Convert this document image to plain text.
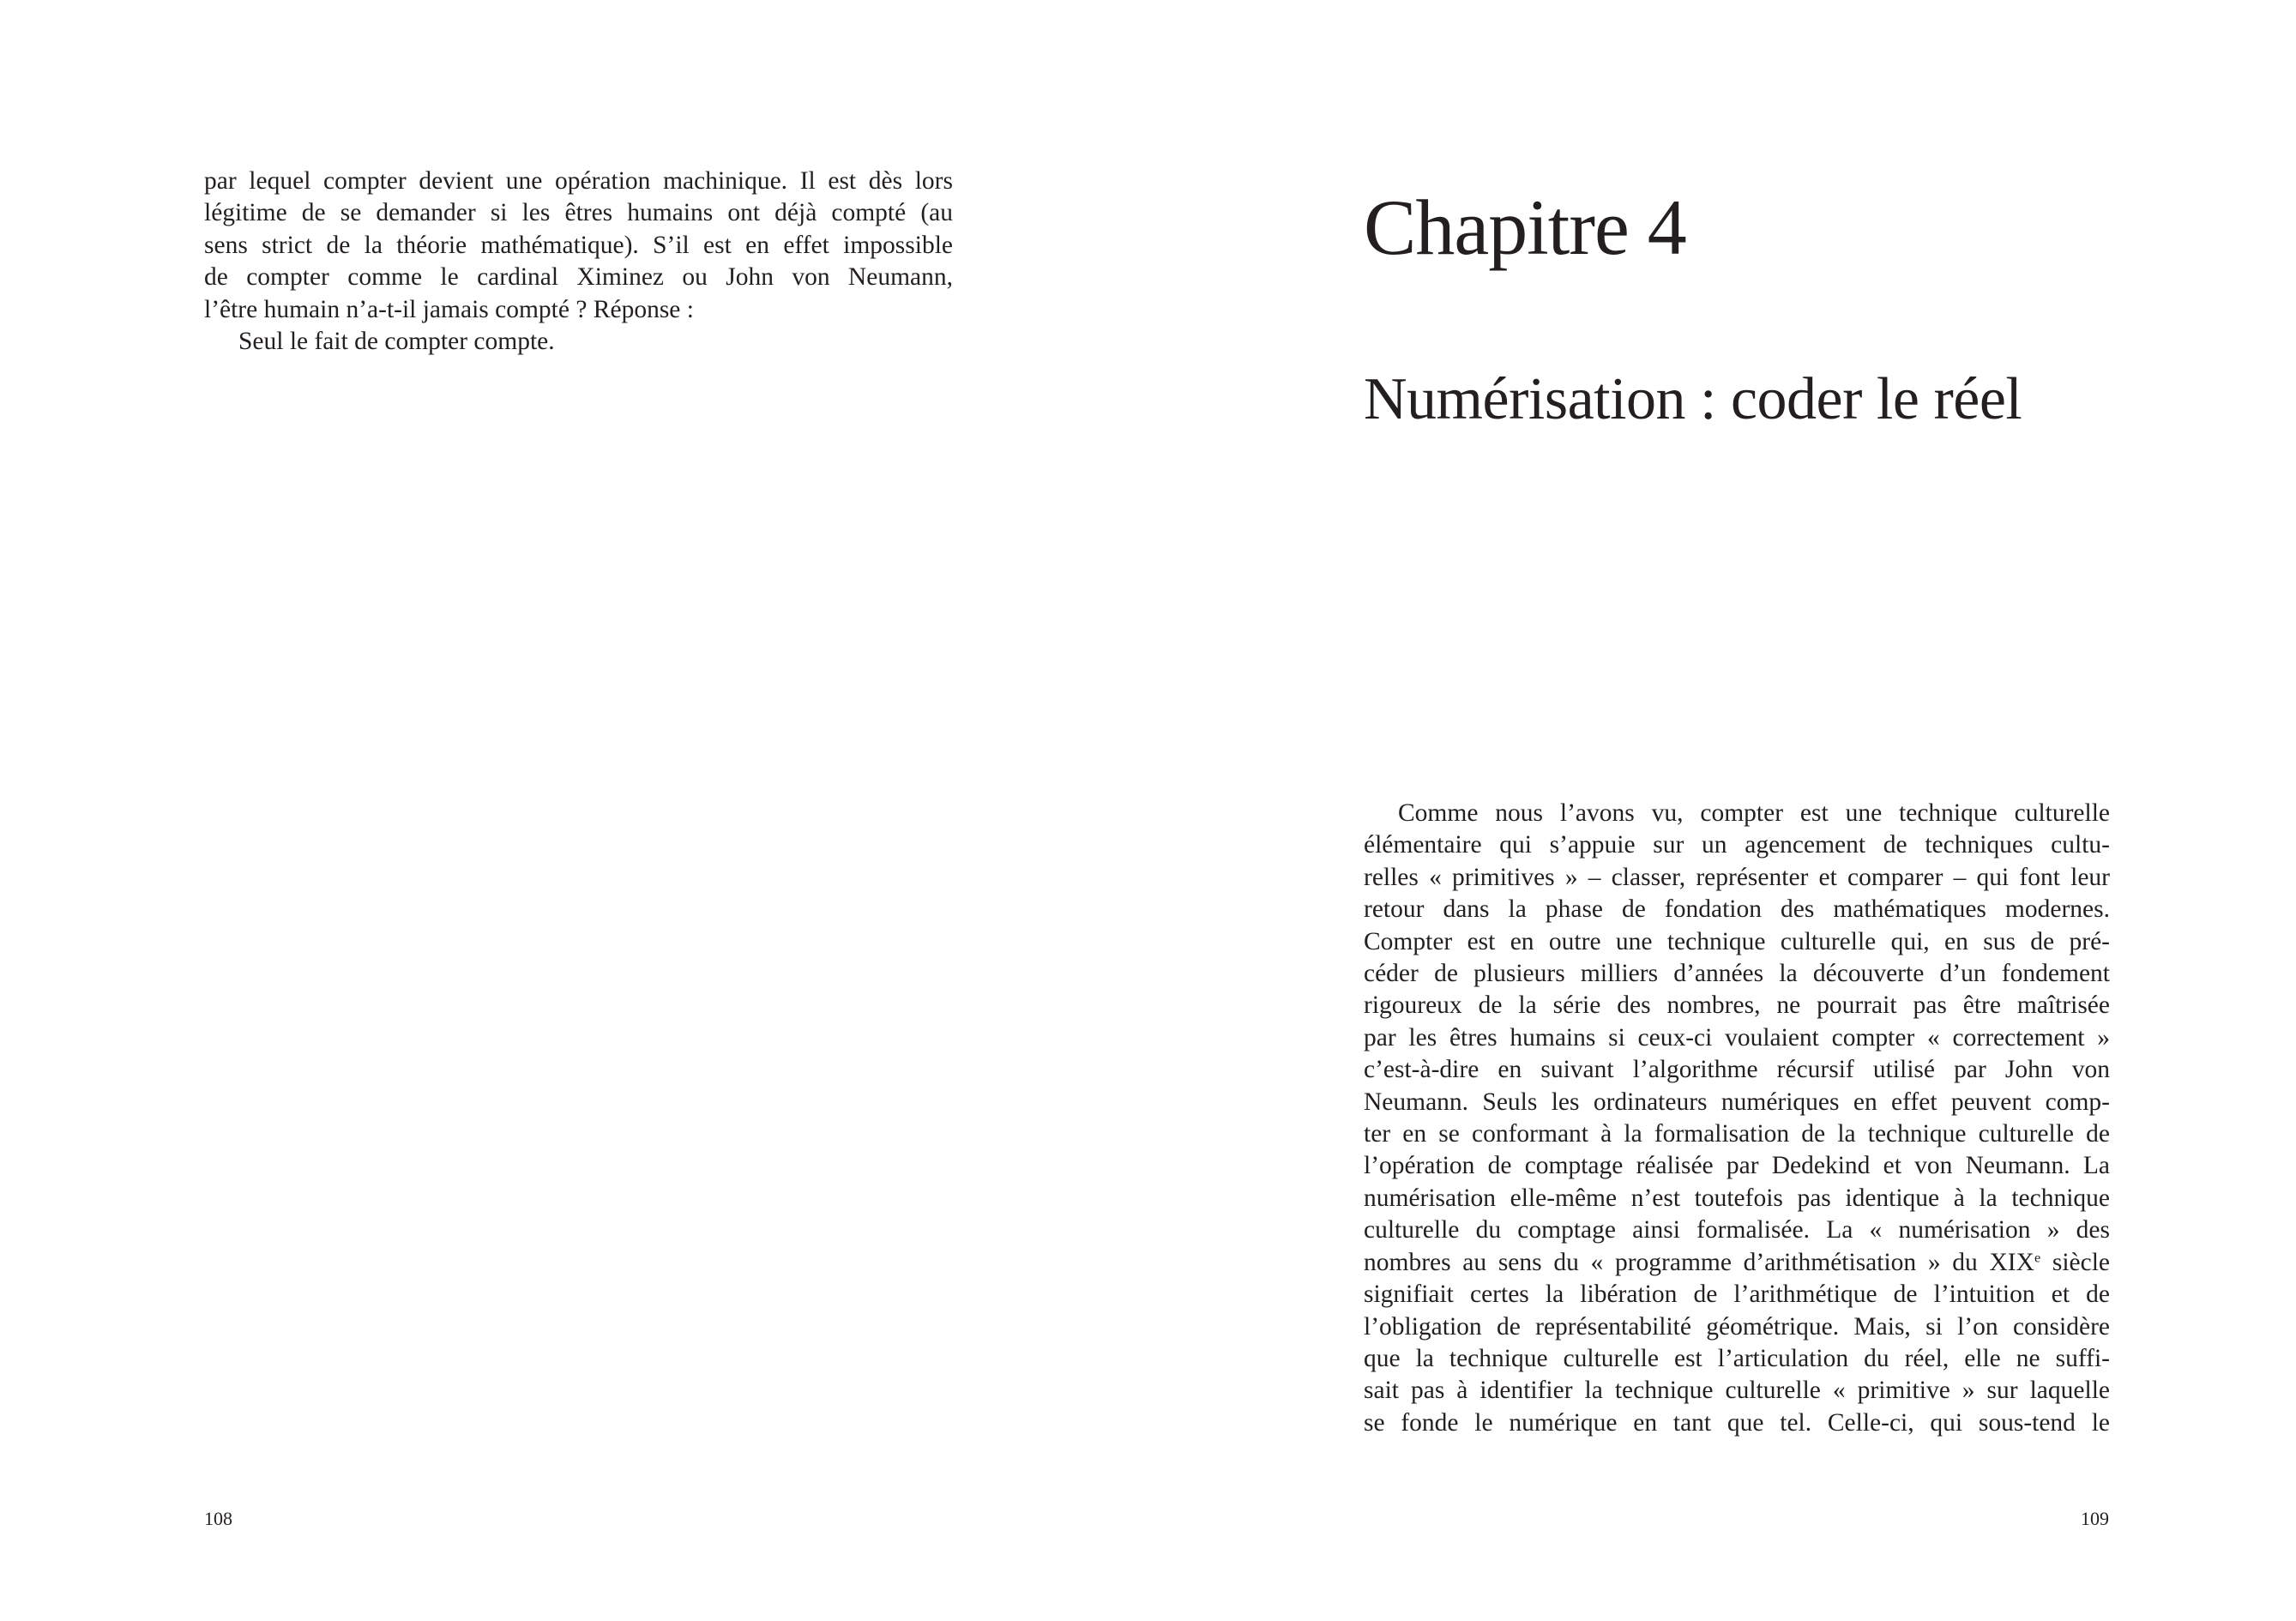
par lequel compter devient une opération machinique. Il est dès lors
légitime de se demander si les êtres humains ont déjà compté (au
sens strict de la théorie mathématique). S’il est en effet impossible
de compter comme le cardinal Ximinez ou John von Neumann,
l’être humain n’a-t-il jamais compté ? Réponse :
Seul le fait de compter compte.
108
Chapitre 4
Numérisation : coder le réel
Comme nous l’avons vu, compter est une technique culturelle
élémentaire qui s’appuie sur un agencement de techniques cultu-
relles « primitives » – classer, représenter et comparer – qui font leur
retour dans la phase de fondation des mathématiques modernes.
Compter est en outre une technique culturelle qui, en sus de pré-
céder de plusieurs milliers d’années la découverte d’un fondement
rigoureux de la série des nombres, ne pourrait pas être maîtrisée
par les êtres humains si ceux-ci voulaient compter « correctement »
c’est-à-dire en suivant l’algorithme récursif utilisé par John von
Neumann. Seuls les ordinateurs numériques en effet peuvent comp-
ter en se conformant à la formalisation de la technique culturelle de
l’opération de comptage réalisée par Dedekind et von Neumann. La
numérisation elle-même n’est toutefois pas identique à la technique
culturelle du comptage ainsi formalisée. La « numérisation » des
nombres au sens du « programme d’arithmétisation » du XIXe siècle
signifiait certes la libération de l’arithmétique de l’intuition et de
l’obligation de représentabilité géométrique. Mais, si l’on considère
que la technique culturelle est l’articulation du réel, elle ne suffi-
sait pas à identifier la technique culturelle « primitive » sur laquelle
se fonde le numérique en tant que tel. Celle-ci, qui sous-tend le
109
